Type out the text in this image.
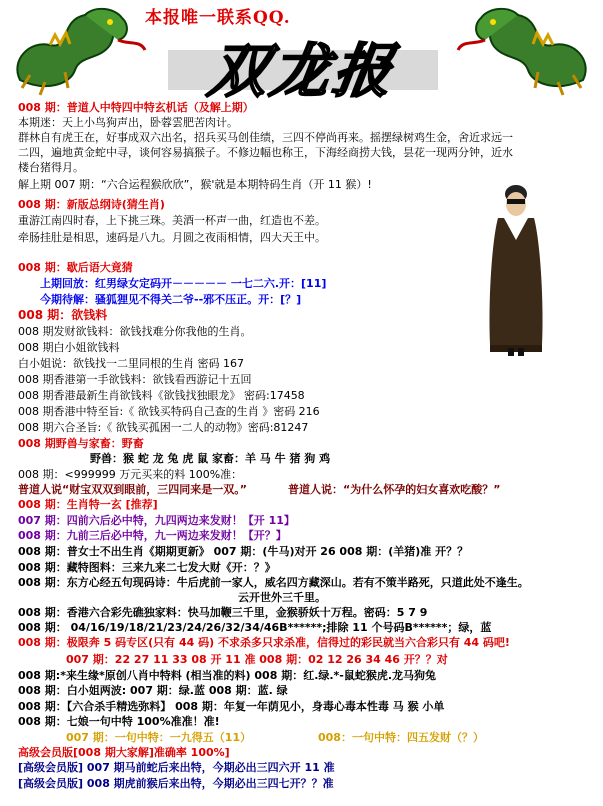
本报唯一联系QQ.
双龙报
008 期：普道人中特四中特玄机话（及解上期）
本期迷：天上小鸟狗声出，卧蓉雲肥苦肉计。
群林自有虎王在，好事成双六出名，招兵买马创佳绩，三四不停尚再来。摇摆绿树鸡生金，舍近求远一
二四，遍地黄金蛇中寻，谈何容易搞猴子。不修边幅也称王，下海经商捞大钱，昙花一现两分钟，近水
楼台猪得月。
解上期 007 期：“六合运程猴欣欣”，猴'就是本期特码生肖（开 11 猴）!
008 期：新版总纲诗(猜生肖)
重游江南四时春，上下挑三珠。美酒一杯声一曲，红造也不差。
牵肠挂肚是相思，速码是八九。月圆之夜雨相情，四大天王中。
008 期：歇后语大竟猜
上期回放：红男绿女定码开－－－－－ 一七二六.开：[11]
今期待解：骚狐狸见不得关二爷--邪不压正。开：[？]
008 期：欲钱料
008 期发财欲钱料：欲钱找难分你我他的生肖。
008 期白小姐欲钱料
白小姐说：欲钱找一二里同根的生肖 密码 167
008 期香港第一手欲钱料：欲钱看西游记十五回
008 期香港最新生肖欲钱料《欲钱找独眼龙》 密码:17458
008 期香港中特至旨:《 欲钱买特码自己查的生肖 》密码 216
008 期六合圣旨:《 欲钱买孤困一二人的动物》密码:81247
008 期野兽与家畜：野畜
野兽：猴 蛇 龙 兔 虎 鼠 家畜：羊 马 牛 猪 狗 鸡
008 期：<999999 万元买来的料 100%准：
普道人说“财宝双双到眼前，三四同来是一双。”	普道人说：“为什么怀孕的妇女喜欢吃酸？”
008 期：生肖特一玄 [推荐]
007 期：四前六后必中特，九四两边来发财！【开 11】
008 期：九前三后必中特，九一两边来发财！【开？】
008 期：普女士不出生肖《期期更新》 007 期：(牛马)对开 26 008 期：(羊猪)准 开？？
008 期：藏特图料：三来九来二七发大财《开：？》
008 期：东方心经五句现码诗：牛后虎前一家人，威名四方藏深山。若有不策半路死，只道此处不逢生。
云开世外三千里。
008 期：香港六合彩先礁独家料：快马加鞭三千里，金猴骄妖十万程。密码：5 7 9
008 期： 04/16/19/18/21/23/24/26/32/34/46B******;排除 11 个号码B******；绿，蓝
008 期：极限奔 5 码专区(只有 44 码) 不求杀多只求杀准，信得过的彩民就当六合彩只有 44 码吧!
007 期：22 27 11 33 08 开 11 准 008 期：02 12 26 34 46 开？？对
008 期:*来生缘*原创八肖中特料 (相当准的料) 008 期：红.绿.*-鼠蛇猴虎.龙马狗兔
008 期：白小姐两波: 007 期：绿.蓝 008 期：蓝. 绿
008 期：【六合杀手精选弥料】 008 期：年复一年荫见小，身毒心毒本性毒 马 猴 小单
008 期：七娘一句中特 100%准准！准!
007 期：一句中特：一九得五（11）	008：一句中特：四五发财（？）
高级会员版[008 期大家解]准确率 100%]
[高级会员版] 007 期马前蛇后来出特，今期必出三四六开 11 准
[高级会员版] 008 期虎前猴后来出特，今期必出三四七开？？准
